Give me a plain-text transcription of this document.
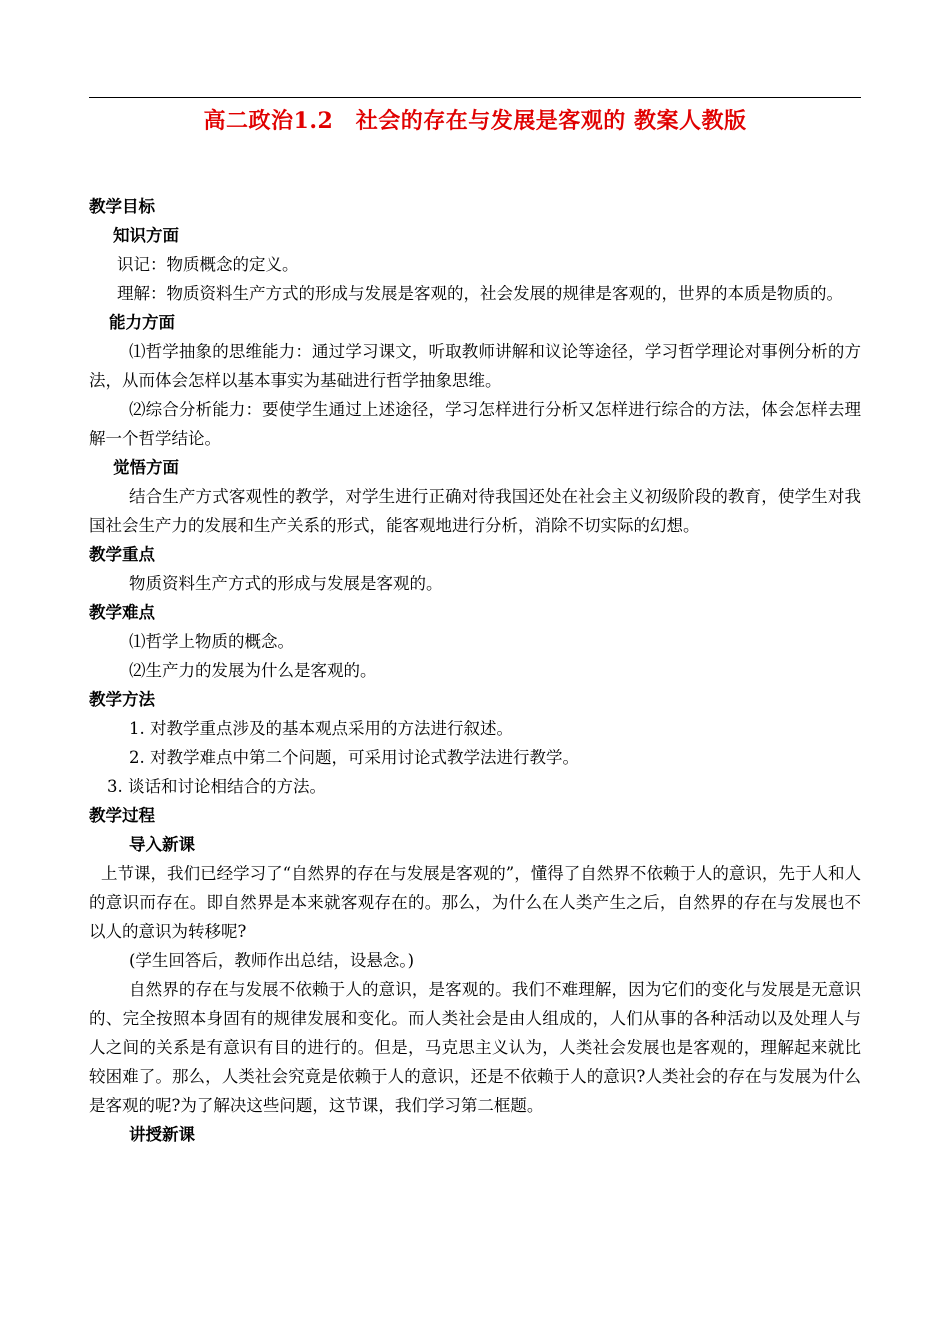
高二政治1.2　社会的存在与发展是客观的 教案人教版
教学目标
知识方面
识记：物质概念的定义。
理解：物质资料生产方式的形成与发展是客观的，社会发展的规律是客观的，世界的本质是物质的。
能力方面
⑴哲学抽象的思维能力：通过学习课文，听取教师讲解和议论等途径，学习哲学理论对事例分析的方法，从而体会怎样以基本事实为基础进行哲学抽象思维。
⑵综合分析能力：要使学生通过上述途径，学习怎样进行分析又怎样进行综合的方法，体会怎样去理解一个哲学结论。
觉悟方面
结合生产方式客观性的教学，对学生进行正确对待我国还处在社会主义初级阶段的教育，使学生对我国社会生产力的发展和生产关系的形式，能客观地进行分析，消除不切实际的幻想。
教学重点
物质资料生产方式的形成与发展是客观的。
教学难点
⑴哲学上物质的概念。
⑵生产力的发展为什么是客观的。
教学方法
1. 对教学重点涉及的基本观点采用的方法进行叙述。
2. 对教学难点中第二个问题，可采用讨论式教学法进行教学。
3. 谈话和讨论相结合的方法。
教学过程
导入新课
上节课，我们已经学习了“自然界的存在与发展是客观的”，懂得了自然界不依赖于人的意识，先于人和人的意识而存在。即自然界是本来就客观存在的。那么，为什么在人类产生之后，自然界的存在与发展也不以人的意识为转移呢?
(学生回答后，教师作出总结，设悬念。)
自然界的存在与发展不依赖于人的意识，是客观的。我们不难理解，因为它们的变化与发展是无意识的、完全按照本身固有的规律发展和变化。而人类社会是由人组成的，人们从事的各种活动以及处理人与人之间的关系是有意识有目的进行的。但是，马克思主义认为，人类社会发展也是客观的，理解起来就比较困难了。那么，人类社会究竟是依赖于人的意识，还是不依赖于人的意识?人类社会的存在与发展为什么是客观的呢?为了解决这些问题，这节课，我们学习第二框题。
讲授新课
